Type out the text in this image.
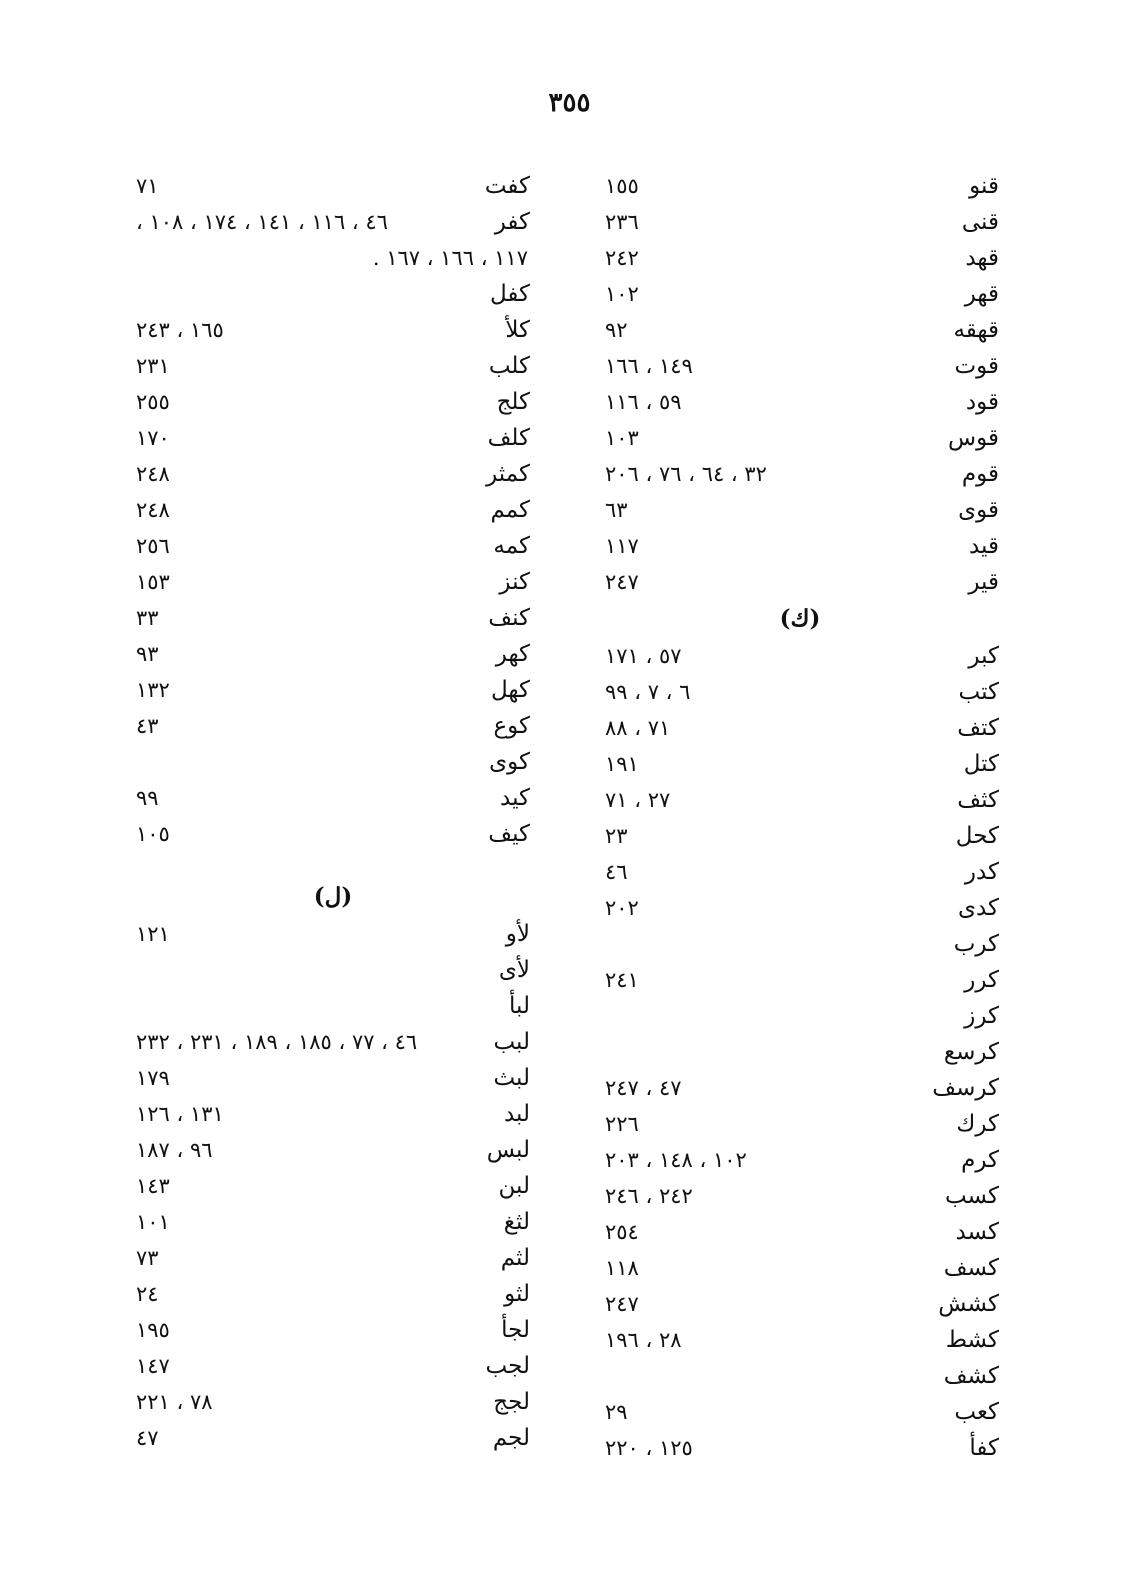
٣٥٥
قنو
١٥٥
قنى
٢٣٦
قهد
٢٤٢
قهر
١٠٢
قهقه
٩٢
قوت
١٤٩ ، ١٦٦
قود
٥٩ ، ١١٦
قوس
١٠٣
قوم
٣٢ ، ٦٤ ، ٧٦ ، ٢٠٦
قوى
٦٣
قيد
١١٧
قير
٢٤٧
(ك)
كبر
٥٧ ، ١٧١
كتب
٦ ، ٧ ، ٩٩
كتف
٧١ ، ٨٨
كتل
١٩١
كثف
٢٧ ، ٧١
كحل
٢٣
كدر
٤٦
كدى
٢٠٢
كرب
كرر
٢٤١
كرز
كرسع
كرسف
٤٧ ، ٢٤٧
كرك
٢٢٦
كرم
١٠٢ ، ١٤٨ ، ٢٠٣
كسب
٢٤٢ ، ٢٤٦
كسد
٢٥٤
كسف
١١٨
كشش
٢٤٧
كشط
٢٨ ، ١٩٦
كشف
كعب
٢٩
كفأ
١٢٥ ، ٢٢٠
كفت
٧١
كفر
٤٦ ، ١١٦ ، ١٤١ ، ١٧٤ ، ١٠٨ ،
١١٧ ، ١٦٦ ، ١٦٧ .
كفل
كلأ
١٦٥ ، ٢٤٣
كلب
٢٣١
كلج
٢٥٥
كلف
١٧٠
كمثر
٢٤٨
كمم
٢٤٨
كمه
٢٥٦
كنز
١٥٣
كنف
٣٣
كهر
٩٣
كهل
١٣٢
كوع
٤٣
كوى
كيد
٩٩
كيف
١٠٥
(ل)
لأو
١٢١
لأى
لبأ
لبب
٤٦ ، ٧٧ ، ١٨٥ ، ١٨٩ ، ٢٣١ ، ٢٣٢
لبث
١٧٩
لبد
١٣١ ، ١٢٦
لبس
٩٦ ، ١٨٧
لبن
١٤٣
لثغ
١٠١
لثم
٧٣
لثو
٢٤
لجأ
١٩٥
لجب
١٤٧
لجج
٧٨ ، ٢٢١
لجم
٤٧
